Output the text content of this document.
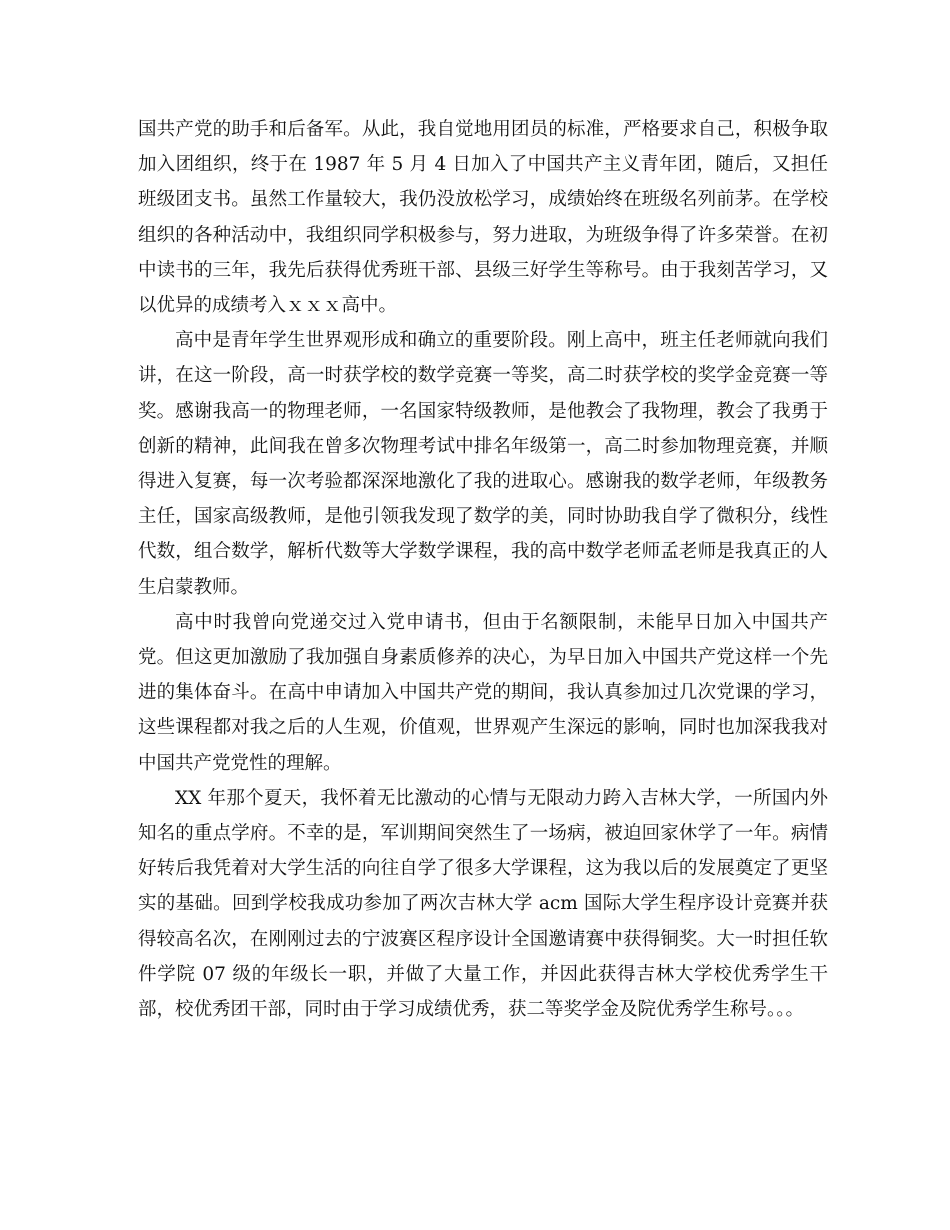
国共产党的助手和后备军。从此，我自觉地用团员的标准，严格要求自己，积极争取加入团组织，终于在 1987 年 5 月 4 日加入了中国共产主义青年团，随后，又担任班级团支书。虽然工作量较大，我仍没放松学习，成绩始终在班级名列前茅。在学校组织的各种活动中，我组织同学积极参与，努力进取，为班级争得了许多荣誉。在初中读书的三年，我先后获得优秀班干部、县级三好学生等称号。由于我刻苦学习，又以优异的成绩考入ｘｘｘ高中。

高中是青年学生世界观形成和确立的重要阶段。刚上高中，班主任老师就向我们讲，在这一阶段，高一时获学校的数学竞赛一等奖，高二时获学校的奖学金竞赛一等奖。感谢我高一的物理老师，一名国家特级教师，是他教会了我物理，教会了我勇于创新的精神，此间我在曾多次物理考试中排名年级第一，高二时参加物理竞赛，并顺得进入复赛，每一次考验都深深地激化了我的进取心。感谢我的数学老师，年级教务主任，国家高级教师，是他引领我发现了数学的美，同时协助我自学了微积分，线性代数，组合数学，解析代数等大学数学课程，我的高中数学老师孟老师是我真正的人生启蒙教师。

高中时我曾向党递交过入党申请书，但由于名额限制，未能早日加入中国共产党。但这更加激励了我加强自身素质修养的决心，为早日加入中国共产党这样一个先进的集体奋斗。在高中申请加入中国共产党的期间，我认真参加过几次党课的学习，这些课程都对我之后的人生观，价值观，世界观产生深远的影响，同时也加深我我对中国共产党党性的理解。

XX 年那个夏天，我怀着无比激动的心情与无限动力跨入吉林大学，一所国内外知名的重点学府。不幸的是，军训期间突然生了一场病，被迫回家休学了一年。病情好转后我凭着对大学生活的向往自学了很多大学课程，这为我以后的发展奠定了更坚实的基础。回到学校我成功参加了两次吉林大学 acm 国际大学生程序设计竞赛并获得较高名次，在刚刚过去的宁波赛区程序设计全国邀请赛中获得铜奖。大一时担任软件学院 07 级的年级长一职，并做了大量工作，并因此获得吉林大学校优秀学生干部，校优秀团干部，同时由于学习成绩优秀，获二等奖学金及院优秀学生称号。。。
